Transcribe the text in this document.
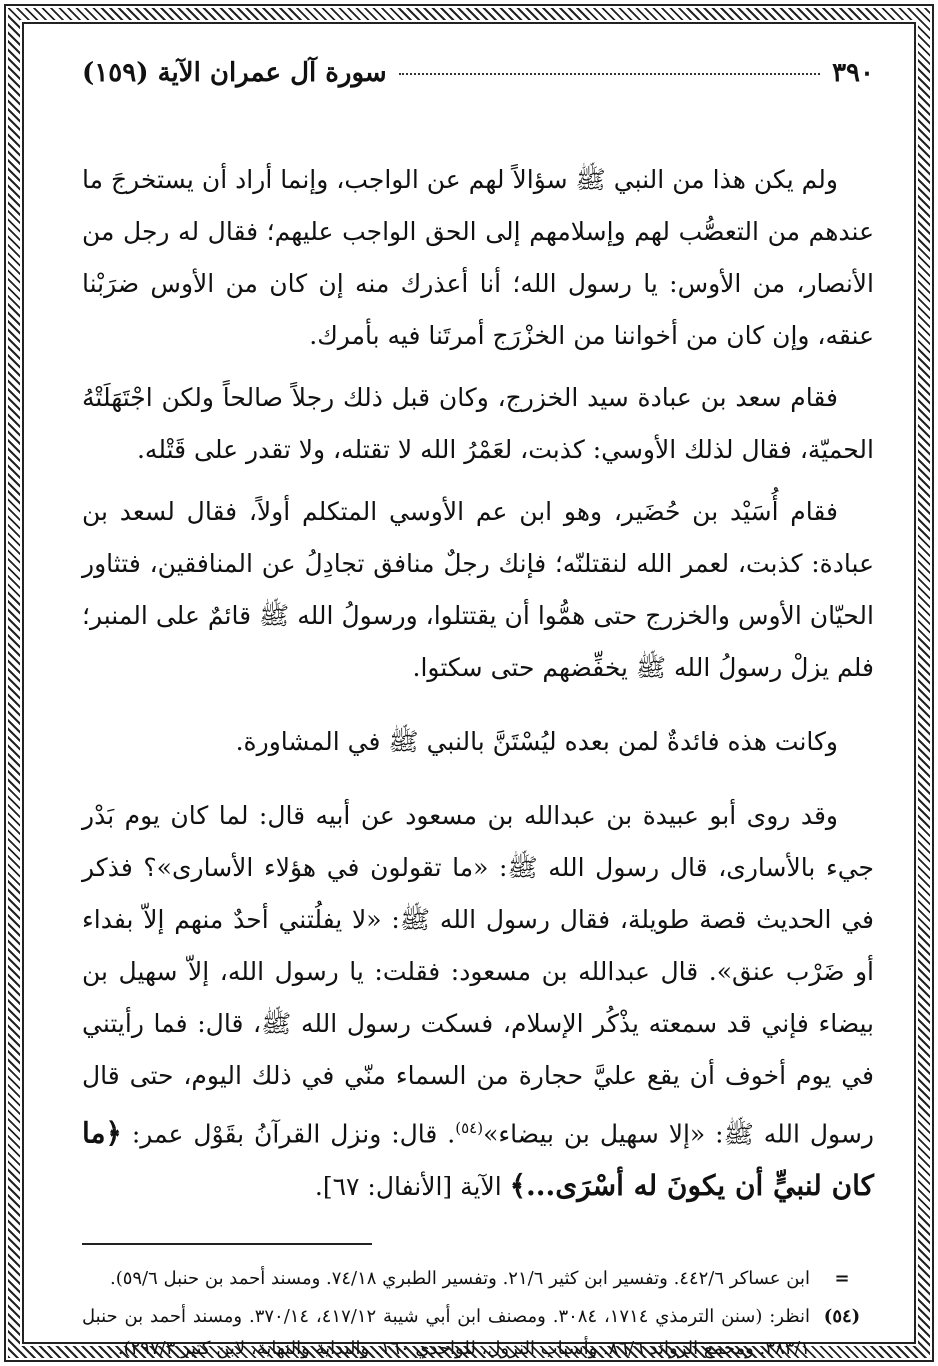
٣٩٠
سورة آل عمران الآية (١٥٩)

ولم يكن هذا من النبي ﷺ سؤالاً لهم عن الواجب، وإنما أراد أن يستخرجَ ما عندهم من التعصُّب لهم وإسلامهم إلى الحق الواجب عليهم؛ فقال له رجل من الأنصار، من الأوس: يا رسول الله؛ أنا أعذرك منه إن كان من الأوس ضرَبْنا عنقه، وإن كان من أخواننا من الخزْرَج أمرتَنا فيه بأمرك.

فقام سعد بن عبادة سيد الخزرج، وكان قبل ذلك رجلاً صالحاً ولكن اجْتَهَلَتْهُ الحميّة، فقال لذلك الأوسي: كذبت، لعَمْرُ الله لا تقتله، ولا تقدر على قَتْله.

فقام أُسَيْد بن حُضَير، وهو ابن عم الأوسي المتكلم أولاً، فقال لسعد بن عبادة: كذبت، لعمر الله لنقتلنّه؛ فإنك رجلٌ منافق تجادِلُ عن المنافقين، فتثاور الحيّان الأوس والخزرج حتى همُّوا أن يقتتلوا، ورسولُ الله ﷺ قائمٌ على المنبر؛ فلم يزلْ رسولُ الله ﷺ يخفِّضهم حتى سكتوا.

وكانت هذه فائدةٌ لمن بعده ليُسْتَنَّ بالنبي ﷺ في المشاورة.

وقد روى أبو عبيدة بن عبدالله بن مسعود عن أبيه قال: لما كان يوم بَدْر جيء بالأسارى، قال رسول الله ﷺ: «ما تقولون في هؤلاء الأسارى»؟ فذكر في الحديث قصة طويلة، فقال رسول الله ﷺ: «لا يفلُتني أحدٌ منهم إلاّ بفداء أو ضَرْب عنق». قال عبدالله بن مسعود: فقلت: يا رسول الله، إلاّ سهيل بن بيضاء فإني قد سمعته يذْكُر الإسلام، فسكت رسول الله ﷺ، قال: فما رأيتني في يوم أخوف أن يقع عليَّ حجارة من السماء منّي في ذلك اليوم، حتى قال رسول الله ﷺ: «إلا سهيل بن بيضاء»$^{(٥٤)}$. قال: ونزل القرآنُ بقَوْل عمر: ﴿ما كان لنبيٍّ أن يكونَ له أسْرَى...﴾ الآية [الأنفال: ٦٧].

=
ابن عساكر ٤٤٢/٦. وتفسير ابن كثير ٢١/٦. وتفسير الطبري ٧٤/١٨. ومسند أحمد بن حنبل ٥٩/٦).
(٥٤)
انظر: (سنن الترمذي ١٧١٤، ٣٠٨٤. ومصنف ابن أبي شيبة ٤١٧/١٢، ٣٧٠/١٤. ومسند أحمد بن حنبل ٣٨٣/١. ومجمع الزوائد ٨٦/٦. وأسباب النزول، للواحدي ١٦٠. والبداية والنهاية، لابن كثير ٢٩٧/٣).
